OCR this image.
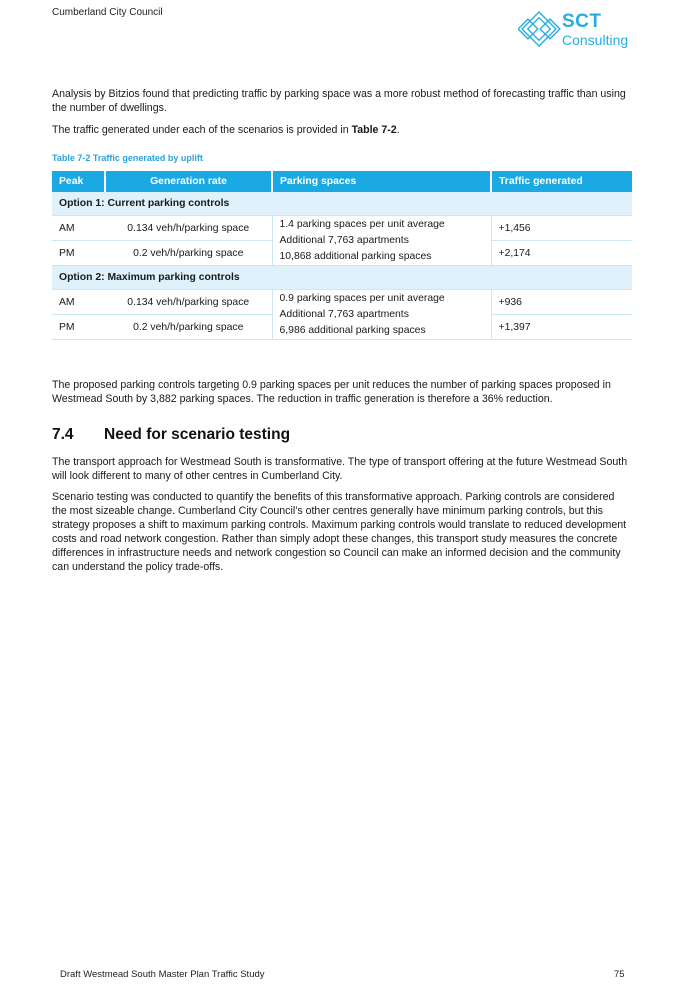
Cumberland City Council	SCT
Consulting

Analysis by Bitzios found that predicting traffic by parking space was a more robust method of forecasting traffic than using the number of dwellings.

The traffic generated under each of the scenarios is provided in Table 7-2.

Table 7-2 Traffic generated by uplift
Peak	Generation rate	Parking spaces	Traffic generated
Option 1: Current parking controls			
AM	0.134 veh/h/parking space	1.4 parking spaces per unit average
Additional 7,763 apartments
10,868 additional parking spaces	+1,456
PM	0.2 veh/h/parking space		+2,174
Option 2: Maximum parking controls			
AM	0.134 veh/h/parking space	0.9 parking spaces per unit average
Additional 7,763 apartments
6,986 additional parking spaces	+936
PM	0.2 veh/h/parking space		+1,397

The proposed parking controls targeting 0.9 parking spaces per unit reduces the number of parking spaces proposed in Westmead South by 3,882 parking spaces. The reduction in traffic generation is therefore a 36% reduction.

7.4 Need for scenario testing

The transport approach for Westmead South is transformative. The type of transport offering at the future Westmead South will look different to many of other centres in Cumberland City.

Scenario testing was conducted to quantify the benefits of this transformative approach. Parking controls are considered the most sizeable change. Cumberland City Council’s other centres generally have minimum parking controls, but this strategy proposes a shift to maximum parking controls. Maximum parking controls would translate to reduced development costs and road network congestion. Rather than simply adopt these changes, this transport study measures the concrete differences in infrastructure needs and network congestion so Council can make an informed decision and the community can understand the policy trade-offs.

Draft Westmead South Master Plan Traffic Study	75
